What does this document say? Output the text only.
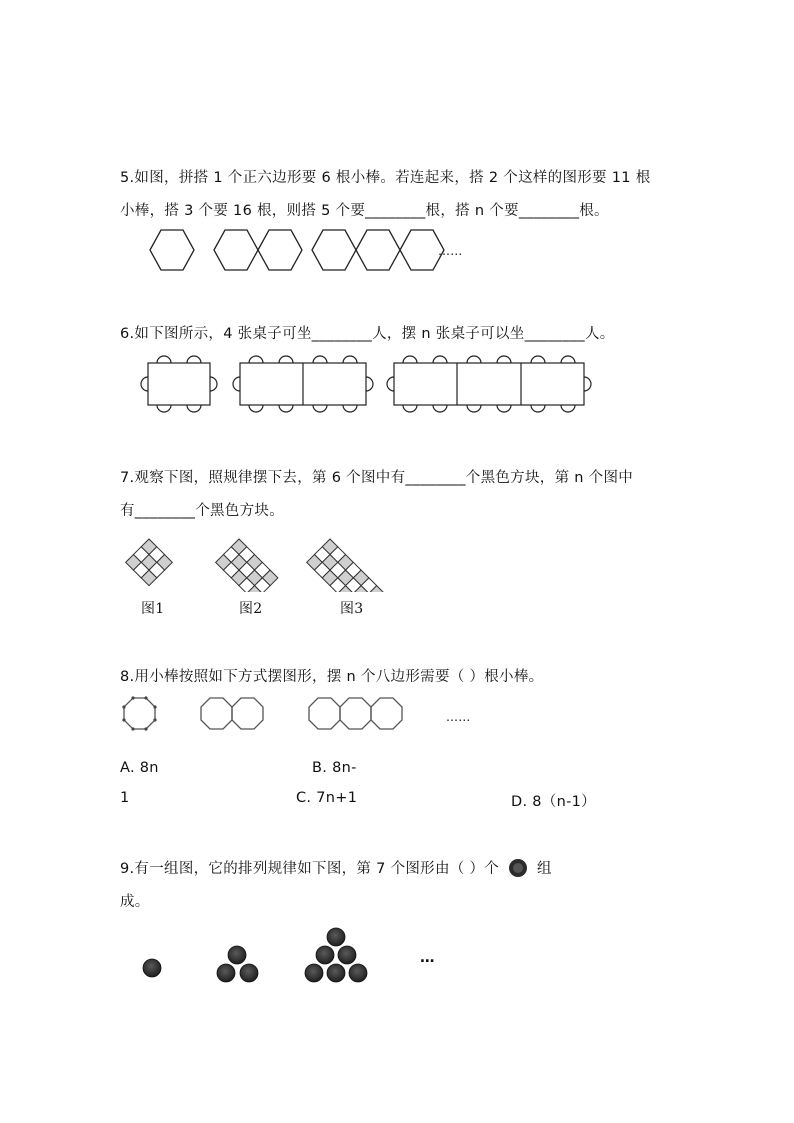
5.如图，拼搭 1 个正六边形要 6 根小棒。若连起来，搭 2 个这样的图形要 11 根
小棒，搭 3 个要 16 根，则搭 5 个要________根，搭 n 个要________根。
……
6.如下图所示，4 张桌子可坐________人，摆 n 张桌子可以坐________人。
7.观察下图，照规律摆下去，第 6 个图中有________个黑色方块，第 n 个图中
有________个黑色方块。
图1	图2	图3
8.用小棒按照如下方式摆图形，摆 n 个八边形需要（ ）根小棒。
……
A. 8n	B. 8n-
1	C. 7n+1	D. 8（n-1）
9.有一组图，它的排列规律如下图，第 7 个图形由（ ）个	组
成。
…
